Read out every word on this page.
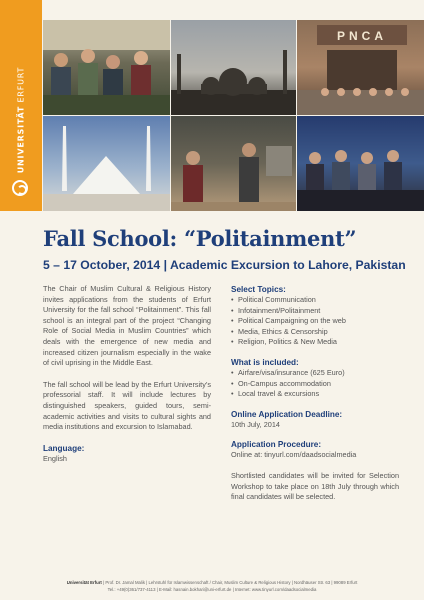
UNIVERSITÄT ERFURT
PNCA
Fall School: “Politainment”
5 – 17 October, 2014 | Academic Excursion to Lahore, Pakistan

The Chair of Muslim Cultural & Religious History invites applications from the students of Erfurt University for the fall school “Politainment”. This fall school is an integral part of the project “Changing Role of Social Media in Muslim Countries” which deals with the emergence of new media and increased citizen journalism especially in the wake of civil uprising in the Middle East.

The fall school will be lead by the Erfurt University’s professorial staff. It will include lectures by distinguished speakers, guided tours, semi-academic activities and visits to cultural sights and media institutions and excursion to Islamabad.

Language:
English
Select Topics:
• Political Communication
• Infotainment/Politainment
• Political Campaigning on the web
• Media, Ethics & Censorship
• Religion, Politics & New Media
What is included:
• Airfare/visa/insurance (625 Euro)
• On-Campus accommodation
• Local travel & excursions
Online Application Deadline:
10th July, 2014
Application Procedure:
Online at: tinyurl.com/daadsocialmedia
Shortlisted candidates will be invited for Selection Workshop to take place on 18th July through which final candidates will be selected.
Universität Erfurt | Prof. Dr. Jamal Malik | Lehrstuhl für Islamwissenschaft / Chair, Muslim Culture & Religious History | Nordhäuser Str. 63 | 99089 Erfurt
Tel.: +49(0)361/737-4113 | E-Mail: hasnain.bokhari@uni-erfurt.de | Internet: www.tinyurl.com/daadsocialmedia
